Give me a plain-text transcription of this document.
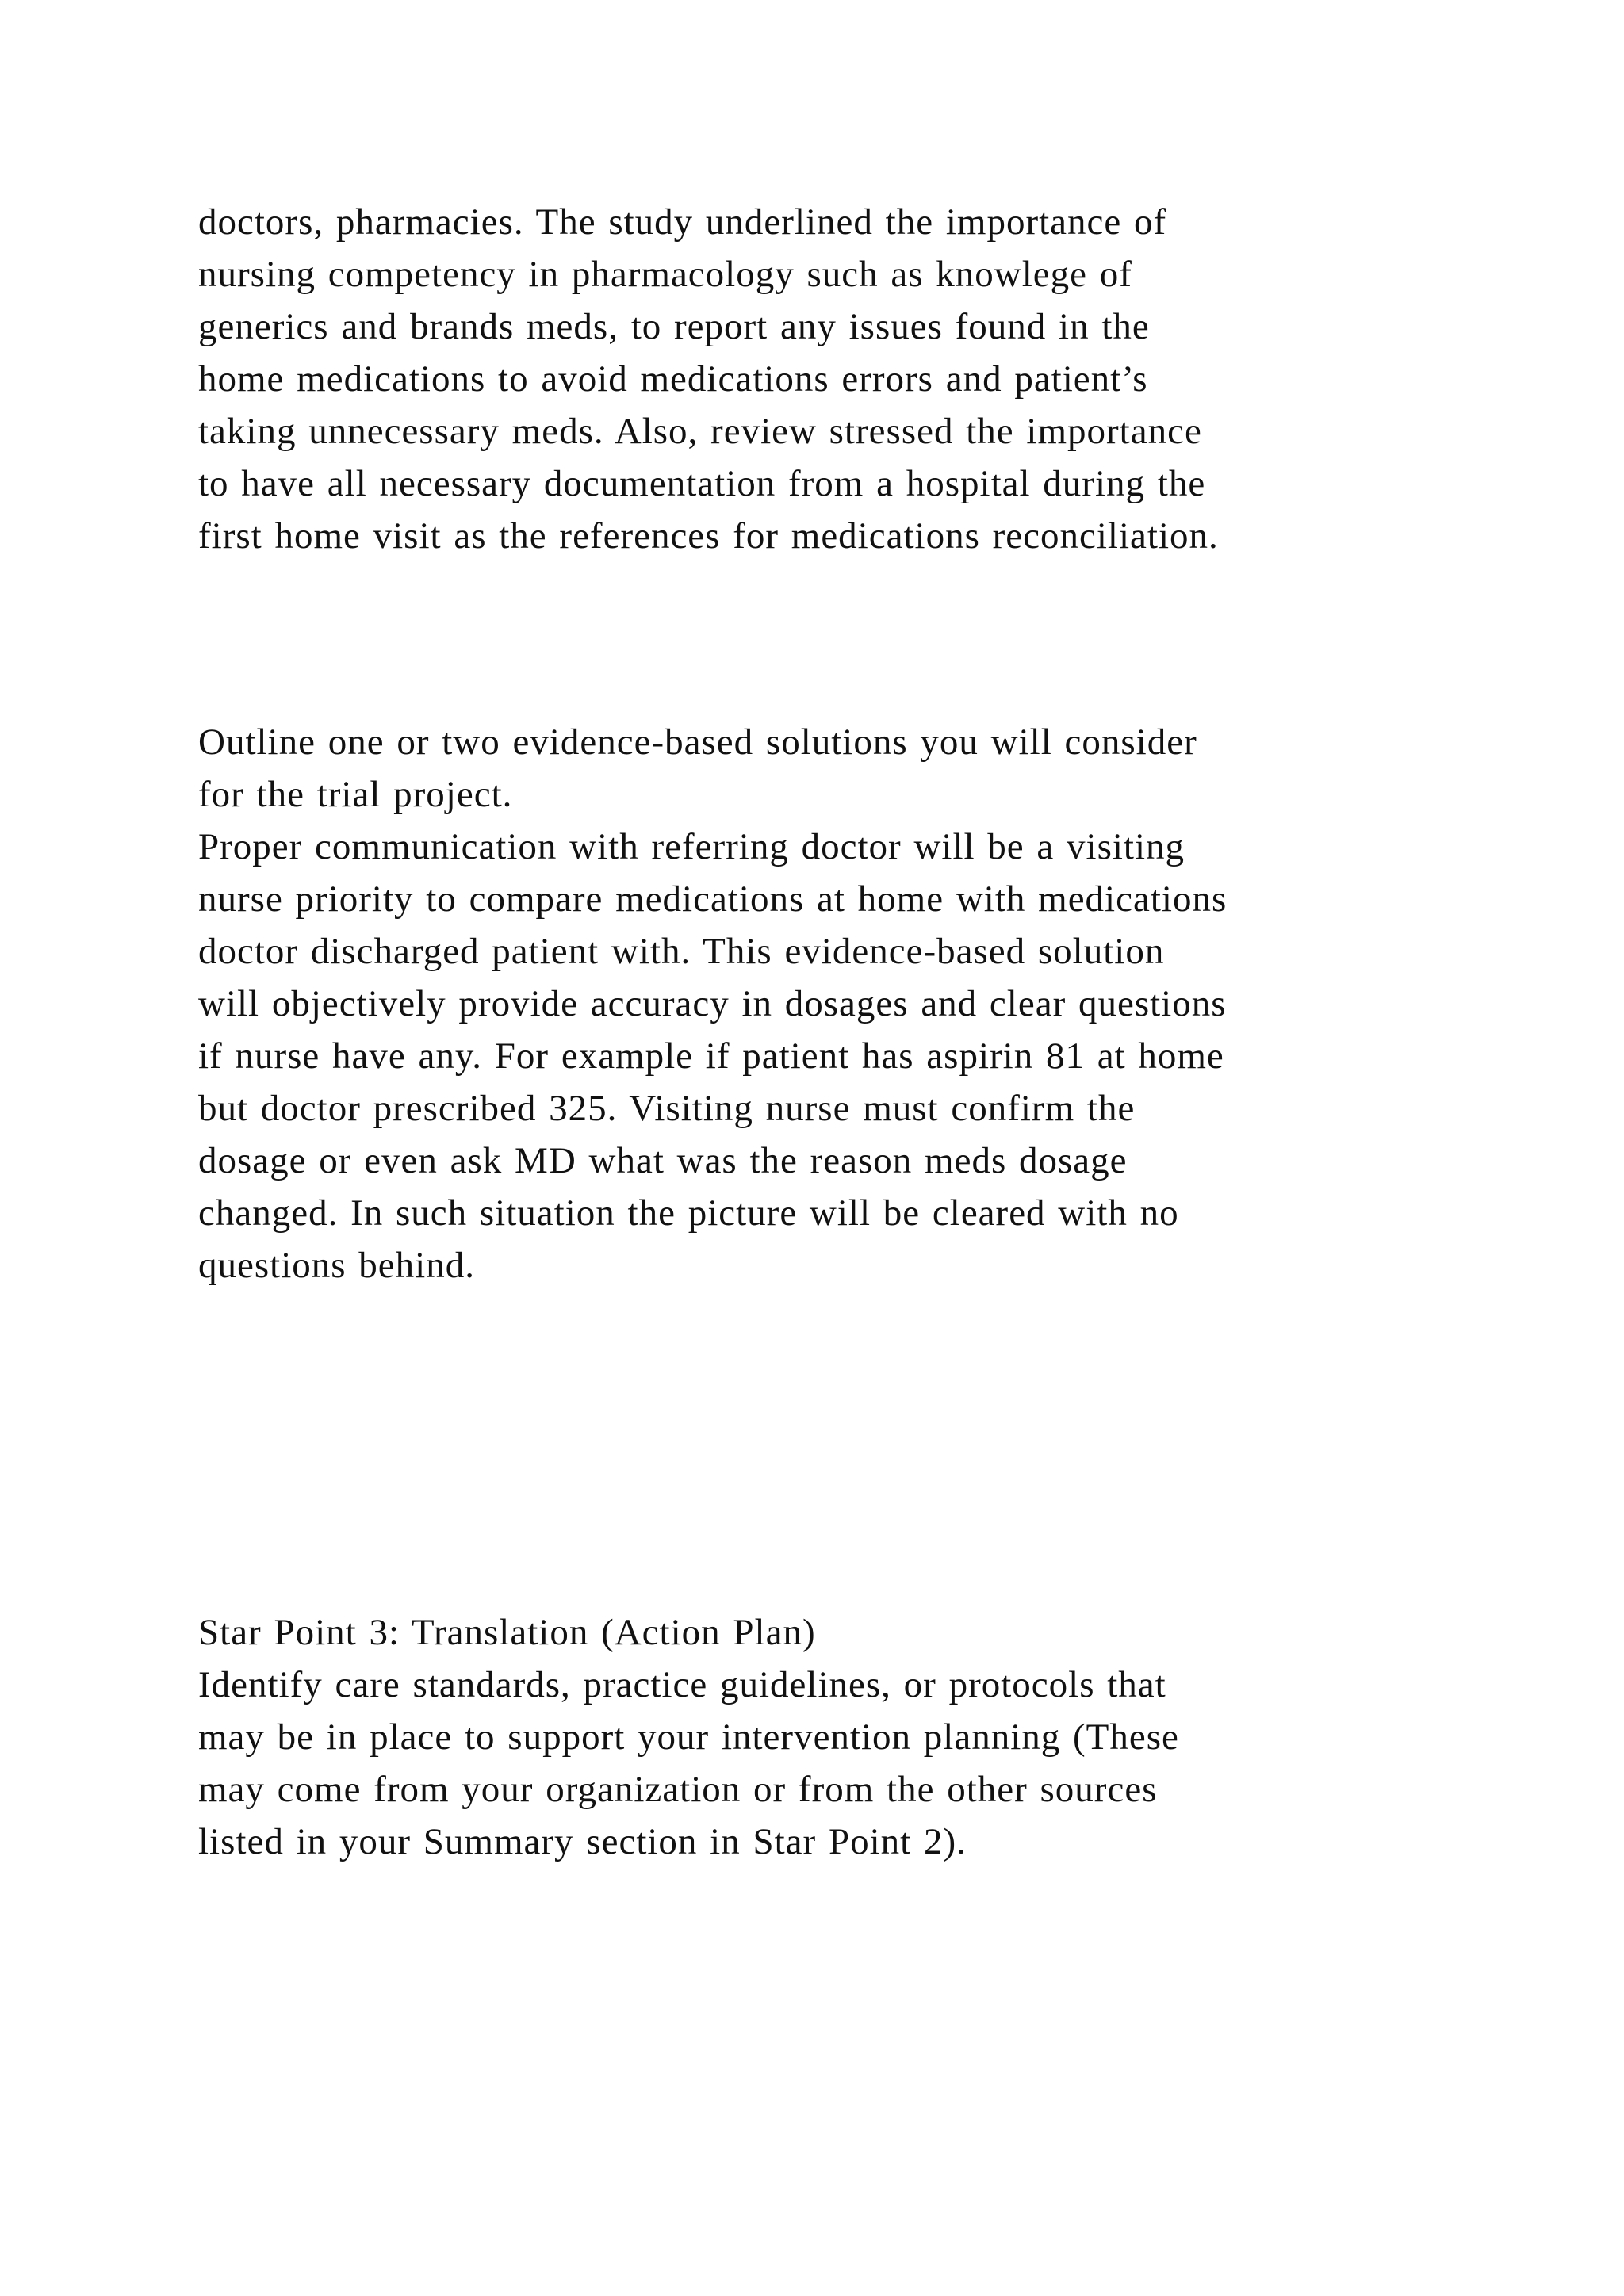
doctors, pharmacies. The study underlined the importance of
nursing competency in pharmacology such as knowlege of
generics and brands meds, to report any issues found in the
home medications to avoid medications errors and patient’s
taking unnecessary meds. Also, review stressed the importance
to have all necessary documentation from a hospital during the
first home visit as the references for medications reconciliation.
Outline one or two evidence-based solutions you will consider
for the trial project.
Proper communication with referring doctor will be a visiting
nurse priority to compare medications at home with medications
doctor discharged patient with. This evidence-based solution
will objectively provide accuracy in dosages and clear questions
if nurse have any. For example if patient has aspirin 81 at home
but doctor prescribed 325. Visiting nurse must confirm the
dosage or even ask MD what was the reason meds dosage
changed. In such situation the picture will be cleared with no
questions behind.
Star Point 3: Translation (Action Plan)
Identify care standards, practice guidelines, or protocols that
may be in place to support your intervention planning (These
may come from your organization or from the other sources
listed in your Summary section in Star Point 2).
